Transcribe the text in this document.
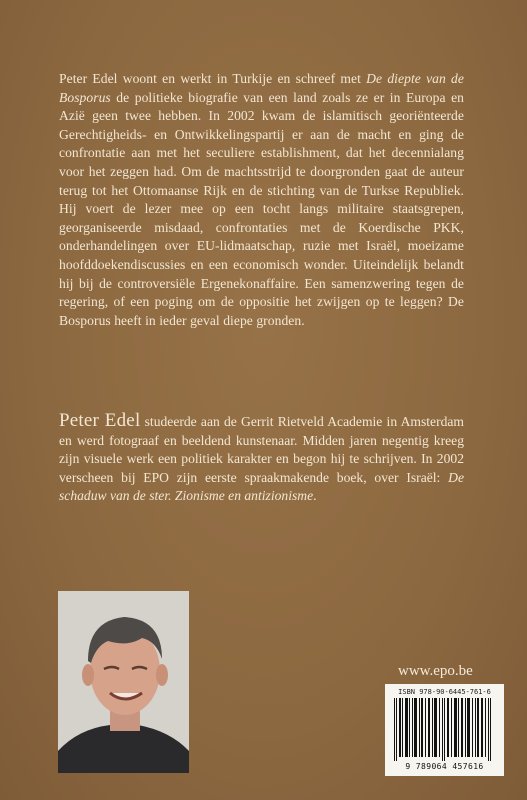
Peter Edel woont en werkt in Turkije en schreef met De diepte van de Bosporus de politieke biografie van een land zoals ze er in Europa en Azië geen twee hebben. In 2002 kwam de islamitisch georiënteerde Gerechtigheids- en Ontwikkelingspartij er aan de macht en ging de confrontatie aan met het seculiere establishment, dat het decennialang voor het zeggen had. Om de machtsstrijd te doorgronden gaat de auteur terug tot het Ottomaanse Rijk en de stichting van de Turkse Republiek. Hij voert de lezer mee op een tocht langs militaire staatsgrepen, georganiseerde misdaad, confrontaties met de Koerdische PKK, onderhandelingen over EU-lidmaatschap, ruzie met Israël, moeizame hoofddoekendiscussies en een economisch wonder. Uiteindelijk belandt hij bij de controversiële Ergenekonaffaire. Een samenzwering tegen de regering, of een poging om de oppositie het zwijgen op te leggen? De Bosporus heeft in ieder geval diepe gronden.

Peter Edel studeerde aan de Gerrit Rietveld Academie in Amsterdam en werd fotograaf en beeldend kunstenaar. Midden jaren negentig kreeg zijn visuele werk een politiek karakter en begon hij te schrijven. In 2002 verscheen bij EPO zijn eerste spraakmakende boek, over Israël: De schaduw van de ster. Zionisme en antizionisme.

www.epo.be
ISBN 978-90-6445-761-6
9 789064 457616
